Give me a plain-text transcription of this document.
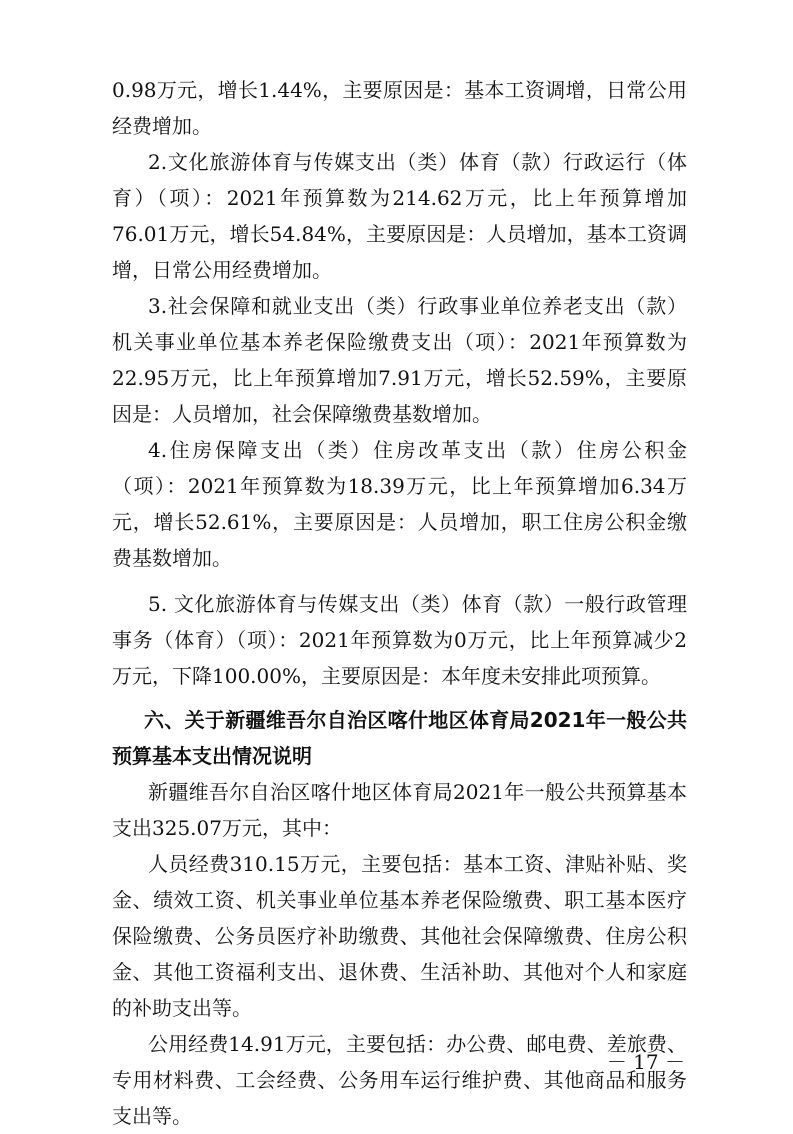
0.98万元，增长1.44%，主要原因是：基本工资调增，日常公用经费增加。

2.文化旅游体育与传媒支出（类）体育（款）行政运行（体育）（项）：2021年预算数为214.62万元，比上年预算增加76.01万元，增长54.84%，主要原因是：人员增加，基本工资调增，日常公用经费增加。

3.社会保障和就业支出（类）行政事业单位养老支出（款）机关事业单位基本养老保险缴费支出（项）：2021年预算数为22.95万元，比上年预算增加7.91万元，增长52.59%，主要原因是：人员增加，社会保障缴费基数增加。

4.住房保障支出（类）住房改革支出（款）住房公积金（项）：2021年预算数为18.39万元，比上年预算增加6.34万元，增长52.61%，主要原因是：人员增加，职工住房公积金缴费基数增加。

5. 文化旅游体育与传媒支出（类）体育（款）一般行政管理事务（体育）（项）：2021年预算数为0万元，比上年预算减少2万元，下降100.00%，主要原因是：本年度未安排此项预算。

六、关于新疆维吾尔自治区喀什地区体育局2021年一般公共预算基本支出情况说明

新疆维吾尔自治区喀什地区体育局2021年一般公共预算基本支出325.07万元，其中：

人员经费310.15万元，主要包括：基本工资、津贴补贴、奖金、绩效工资、机关事业单位基本养老保险缴费、职工基本医疗保险缴费、公务员医疗补助缴费、其他社会保障缴费、住房公积金、其他工资福利支出、退休费、生活补助、其他对个人和家庭的补助支出等。

公用经费14.91万元，主要包括：办公费、邮电费、差旅费、专用材料费、工会经费、公务用车运行维护费、其他商品和服务支出等。

－ 17 －
